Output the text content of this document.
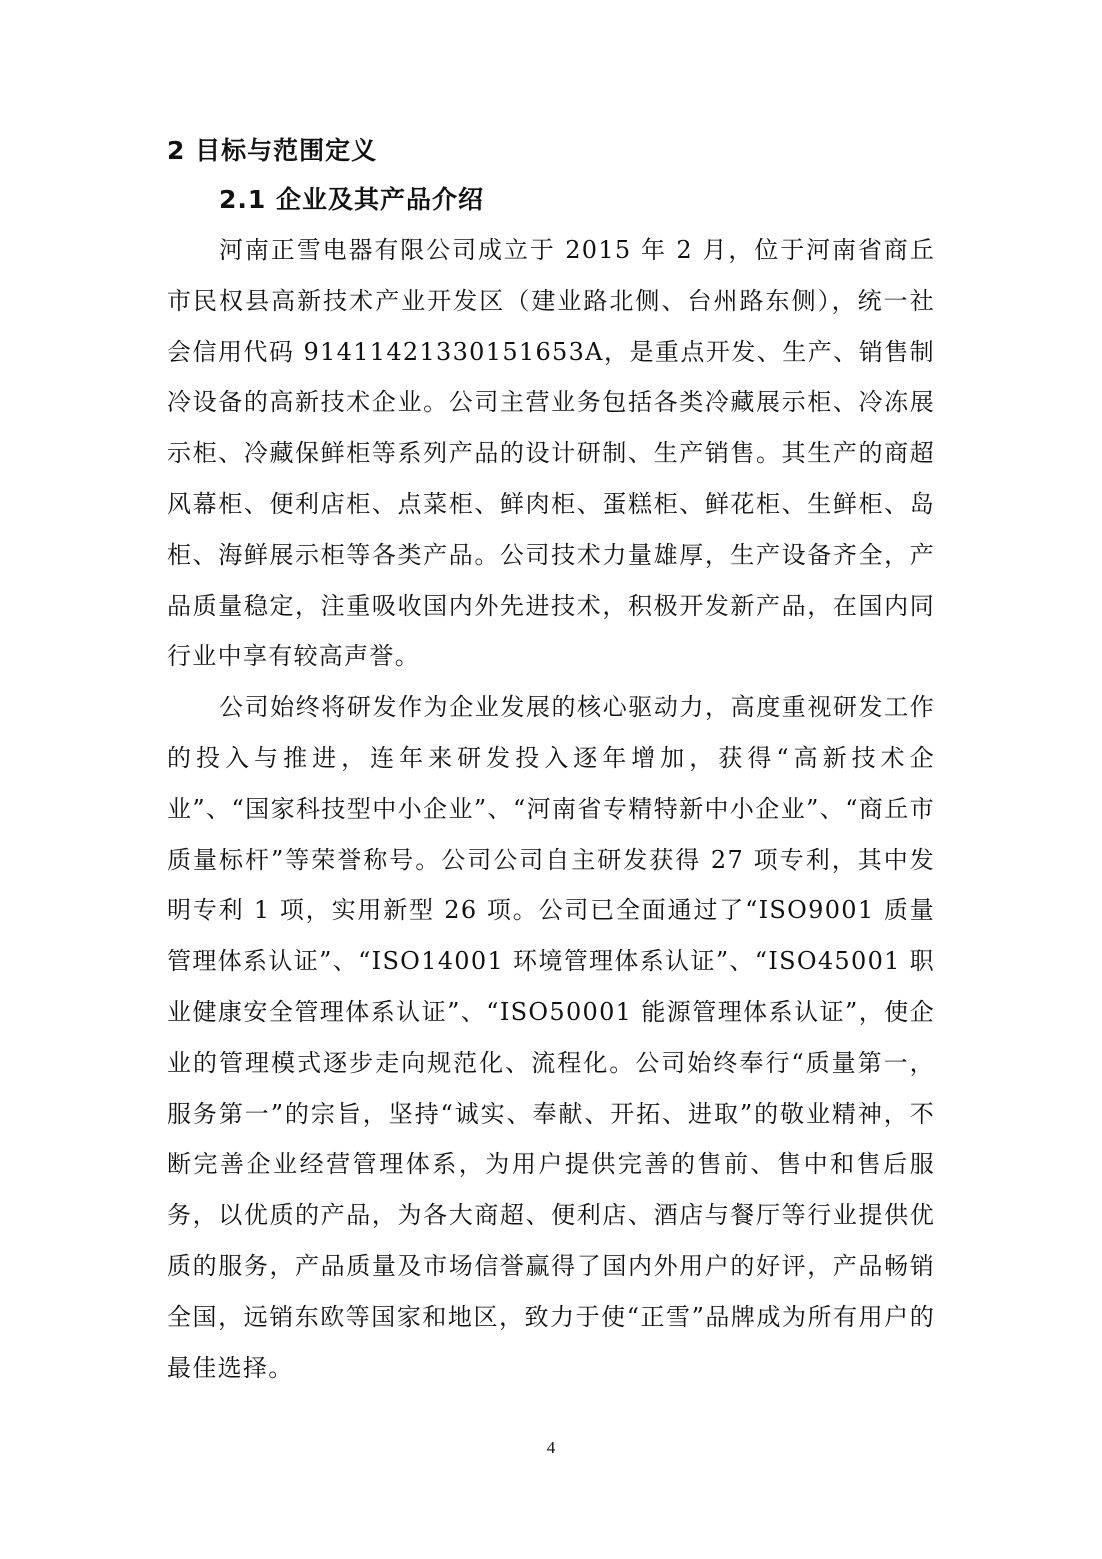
2 目标与范围定义
2.1 企业及其产品介绍

河南正雪电器有限公司成立于 2015 年 2 月，位于河南省商丘市民权县高新技术产业开发区（建业路北侧、台州路东侧），统一社会信用代码 91411421330151653A，是重点开发、生产、销售制冷设备的高新技术企业。公司主营业务包括各类冷藏展示柜、冷冻展示柜、冷藏保鲜柜等系列产品的设计研制、生产销售。其生产的商超风幕柜、便利店柜、点菜柜、鲜肉柜、蛋糕柜、鲜花柜、生鲜柜、岛柜、海鲜展示柜等各类产品。公司技术力量雄厚，生产设备齐全，产品质量稳定，注重吸收国内外先进技术，积极开发新产品，在国内同行业中享有较高声誉。

公司始终将研发作为企业发展的核心驱动力，高度重视研发工作的投入与推进，连年来研发投入逐年增加，获得“高新技术企业”、“国家科技型中小企业”、“河南省专精特新中小企业”、“商丘市质量标杆”等荣誉称号。公司公司自主研发获得 27 项专利，其中发明专利 1 项，实用新型 26 项。公司已全面通过了“ISO9001 质量管理体系认证”、“ISO14001 环境管理体系认证”、“ISO45001 职业健康安全管理体系认证”、“ISO50001 能源管理体系认证”，使企业的管理模式逐步走向规范化、流程化。公司始终奉行“质量第一，服务第一”的宗旨，坚持“诚实、奉献、开拓、进取”的敬业精神，不断完善企业经营管理体系，为用户提供完善的售前、售中和售后服务，以优质的产品，为各大商超、便利店、酒店与餐厅等行业提供优质的服务，产品质量及市场信誉赢得了国内外用户的好评，产品畅销全国，远销东欧等国家和地区，致力于使“正雪”品牌成为所有用户的最佳选择。

4
